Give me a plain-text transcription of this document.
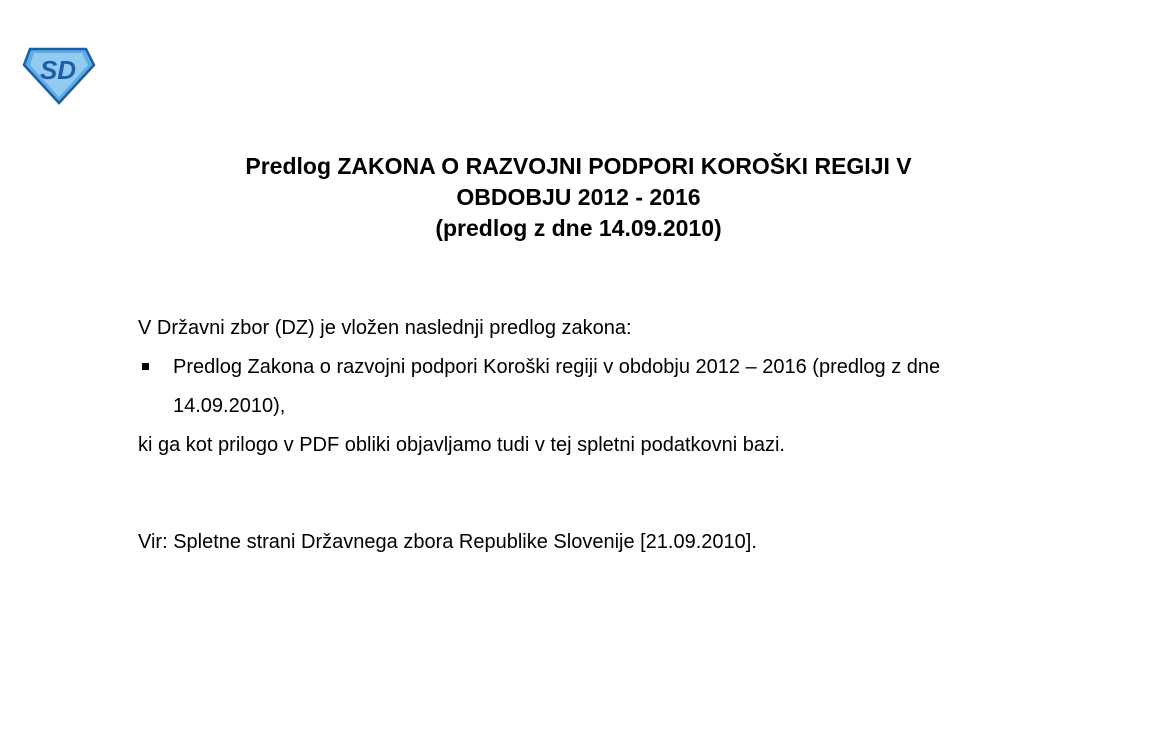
SD
Predlog ZAKONA O RAZVOJNI PODPORI KOROŠKI REGIJI V
OBDOBJU 2012 - 2016
(predlog z dne 14.09.2010)
V Državni zbor (DZ) je vložen naslednji predlog zakona:
Predlog Zakona o razvojni podpori Koroški regiji v obdobju 2012 – 2016 (predlog z dne 14.09.2010),
ki ga kot prilogo v PDF obliki objavljamo tudi v tej spletni podatkovni bazi.
Vir: Spletne strani Državnega zbora Republike Slovenije [21.09.2010].
